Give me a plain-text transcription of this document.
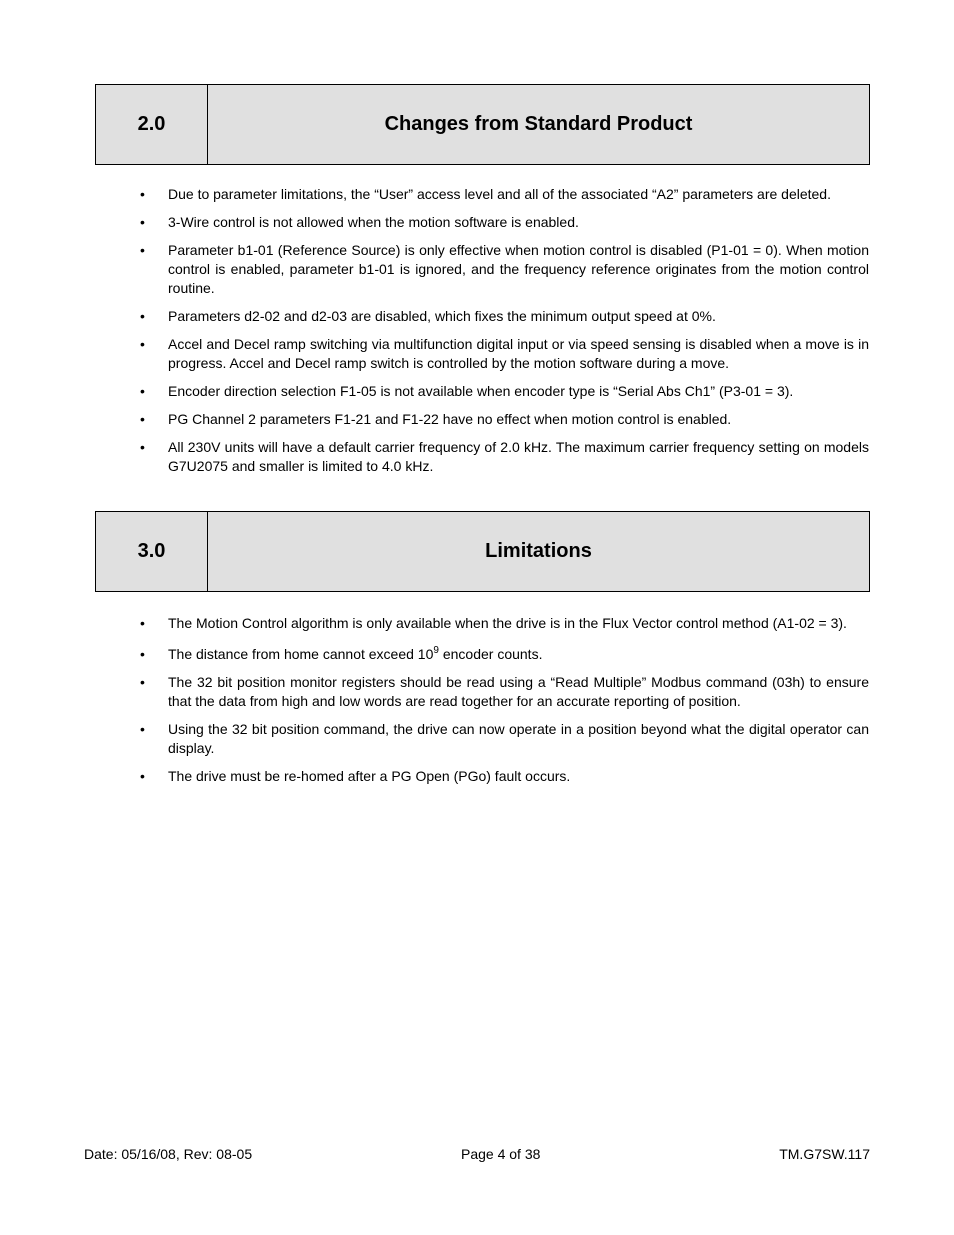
2.0	Changes from Standard Product
• Due to parameter limitations, the “User” access level and all of the associated “A2” parameters are deleted.
• 3-Wire control is not allowed when the motion software is enabled.
• Parameter b1-01 (Reference Source) is only effective when motion control is disabled (P1-01 = 0). When motion control is enabled, parameter b1-01 is ignored, and the frequency reference originates from the motion control routine.
• Parameters d2-02 and d2-03 are disabled, which fixes the minimum output speed at 0%.
• Accel and Decel ramp switching via multifunction digital input or via speed sensing is disabled when a move is in progress. Accel and Decel ramp switch is controlled by the motion software during a move.
• Encoder direction selection F1-05 is not available when encoder type is “Serial Abs Ch1” (P3-01 = 3).
• PG Channel 2 parameters F1-21 and F1-22 have no effect when motion control is enabled.
• All 230V units will have a default carrier frequency of 2.0 kHz. The maximum carrier frequency setting on models G7U2075 and smaller is limited to 4.0 kHz.
3.0	Limitations
• The Motion Control algorithm is only available when the drive is in the Flux Vector control method (A1-02 = 3).
• The distance from home cannot exceed $10^9$ encoder counts.
• The 32 bit position monitor registers should be read using a “Read Multiple” Modbus command (03h) to ensure that the data from high and low words are read together for an accurate reporting of position.
• Using the 32 bit position command, the drive can now operate in a position beyond what the digital operator can display.
• The drive must be re-homed after a PG Open (PGo) fault occurs.
Date: 05/16/08, Rev: 08-05	Page 4 of 38	TM.G7SW.117
